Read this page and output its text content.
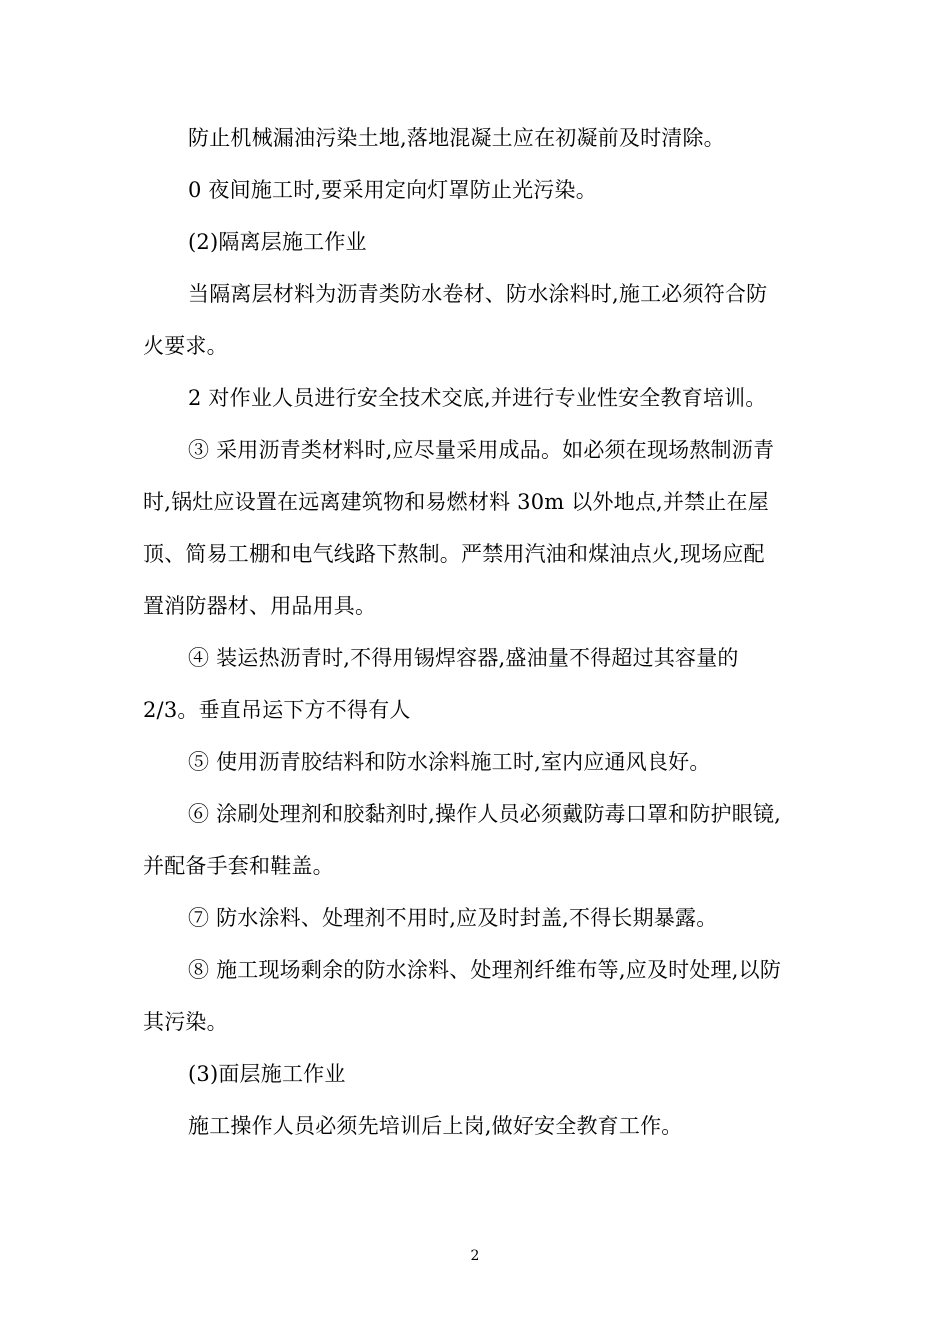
防止机械漏油污染土地,落地混凝土应在初凝前及时清除。
0 夜间施工时,要采用定向灯罩防止光污染。
(2)隔离层施工作业
当隔离层材料为沥青类防水卷材、防水涂料时,施工必须符合防
火要求。
2 对作业人员进行安全技术交底,并进行专业性安全教育培训。
③ 采用沥青类材料时,应尽量采用成品。如必须在现场熬制沥青
时,锅灶应设置在远离建筑物和易燃材料 30m 以外地点,并禁止在屋
顶、简易工棚和电气线路下熬制。严禁用汽油和煤油点火,现场应配
置消防器材、用品用具。
④ 装运热沥青时,不得用锡焊容器,盛油量不得超过其容量的
2/3。垂直吊运下方不得有人
⑤ 使用沥青胶结料和防水涂料施工时,室内应通风良好。
⑥ 涂刷处理剂和胶黏剂时,操作人员必须戴防毒口罩和防护眼镜,
并配备手套和鞋盖。
⑦ 防水涂料、处理剂不用时,应及时封盖,不得长期暴露。
⑧ 施工现场剩余的防水涂料、处理剂纤维布等,应及时处理,以防
其污染。
(3)面层施工作业
施工操作人员必须先培训后上岗,做好安全教育工作。
2
